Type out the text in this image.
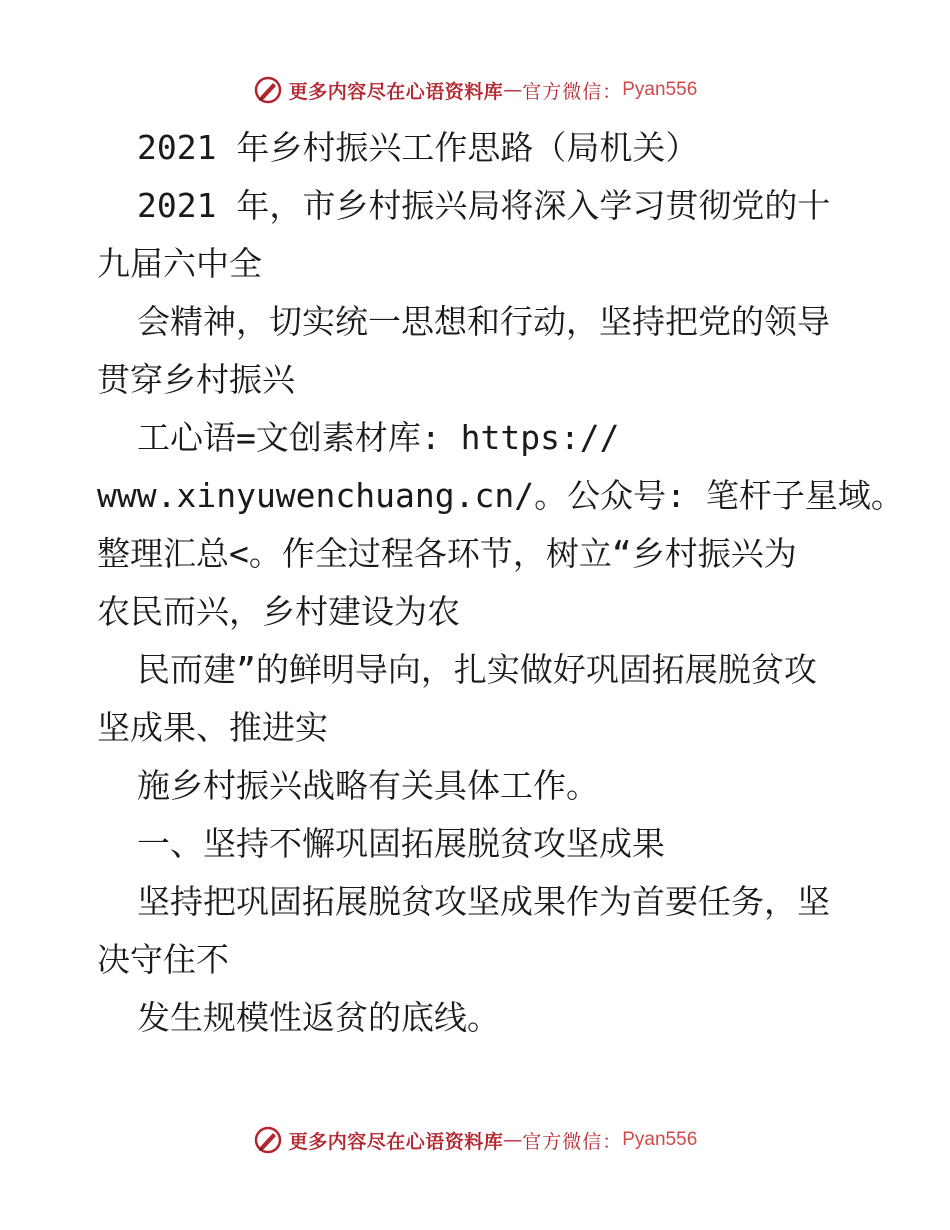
更多内容尽在心语资料库 — 官方微信： Pyan556
2021 年乡村振兴工作思路（局机关）
2021 年，市乡村振兴局将深入学习贯彻党的十
九届六中全
会精神，切实统一思想和行动，坚持把党的领导
贯穿乡村振兴
工心语=文创素材库: https://
www.xinyuwenchuang.cn/。公众号: 笔杆子星域。
整理汇总<。作全过程各环节，树立“乡村振兴为
农民而兴，乡村建设为农
民而建”的鲜明导向，扎实做好巩固拓展脱贫攻
坚成果、推进实
施乡村振兴战略有关具体工作。
一、坚持不懈巩固拓展脱贫攻坚成果
坚持把巩固拓展脱贫攻坚成果作为首要任务，坚
决守住不
发生规模性返贫的底线。
更多内容尽在心语资料库 — 官方微信： Pyan556
